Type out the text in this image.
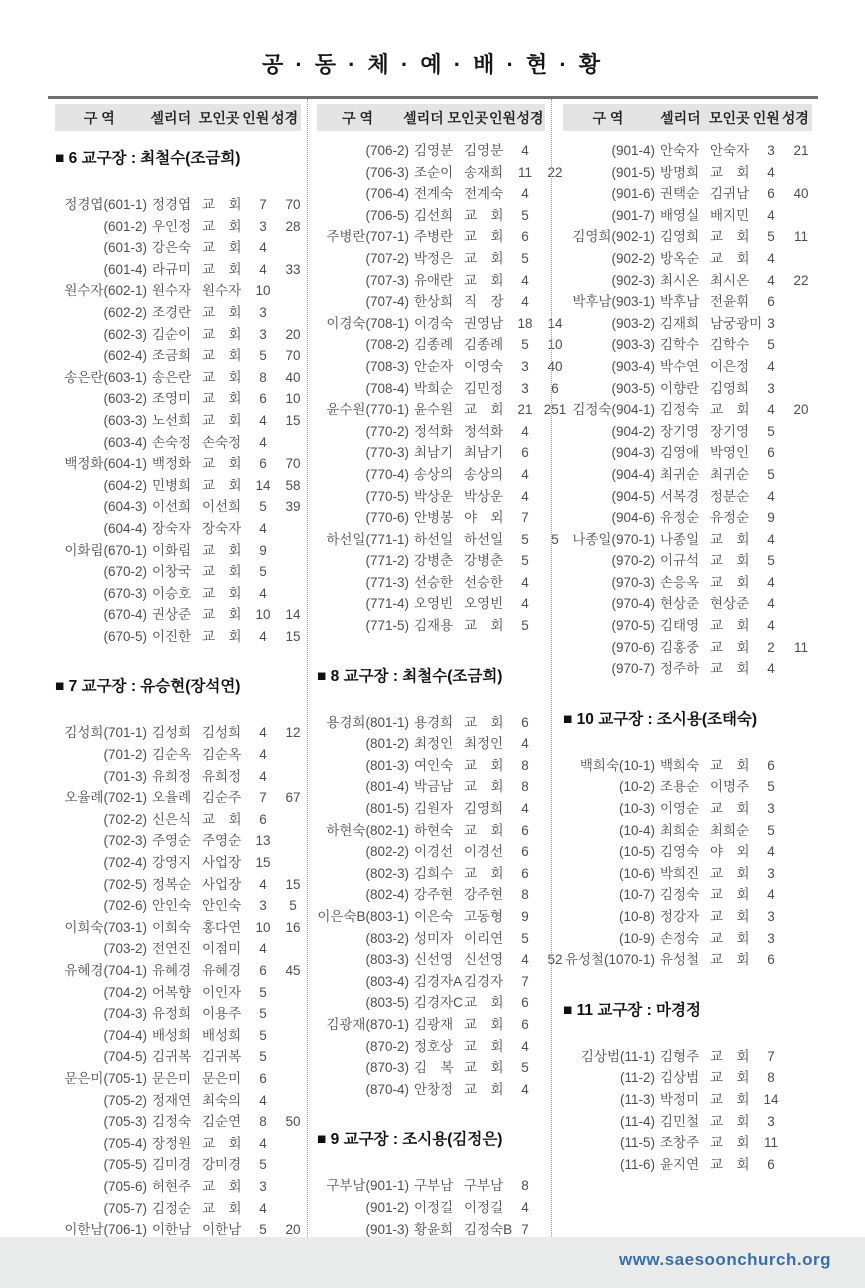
공 · 동 · 체 · 예 · 배 · 현 · 황
구 역	셀리더 모인곳 인원 성경
■ 6 교구장 : 최철수(조금희)
정경엽(601-1) 정경엽 교　회 7 70
(601-2) 우인정 교　회 3 28
(601-3) 강은숙 교　회 4
(601-4) 라규미 교　회 4 33
원수자(602-1) 원수자 원수자 10
(602-2) 조경란 교　회 3
(602-3) 김순이 교　회 3 20
(602-4) 조금희 교　회 5 70
송은란(603-1) 송은란 교　회 8 40
(603-2) 조영미 교　회 6 10
(603-3) 노선희 교　회 4 15
(603-4) 손숙정 손숙정 4
백정화(604-1) 백정화 교　회 6 70
(604-2) 민병희 교　회 14 58
(604-3) 이선희 이선희 5 39
(604-4) 장숙자 장숙자 4
이화림(670-1) 이화림 교　회 9
(670-2) 이창국 교　회 5
(670-3) 이승호 교　회 4
(670-4) 권상준 교　회 10 14
(670-5) 이진한 교　회 4 15
■ 7 교구장 : 유승현(장석연)
김성희(701-1) 김성희 김성희 4 12
(701-2) 김순옥 김순옥 4
(701-3) 유희정 유희정 4
오율례(702-1) 오율례 김순주 7 67
(702-2) 신은식 교　회 6
(702-3) 주영순 주영순 13
(702-4) 강영지 사업장 15
(702-5) 정복순 사업장 4 15
(702-6) 안인숙 안인숙 3 5
이희숙(703-1) 이희숙 홍다연 10 16
(703-2) 전연진 이점미 4
유혜경(704-1) 유혜경 유혜경 6 45
(704-2) 어복향 이인자 5
(704-3) 유정희 이용주 5
(704-4) 배성희 배성희 5
(704-5) 김귀복 김귀복 5
문은미(705-1) 문은미 문은미 6
(705-2) 정재연 최숙의 4
(705-3) 김정숙 김순연 8 50
(705-4) 장정원 교　회 4
(705-5) 김미경 강미경 5
(705-6) 허현주 교　회 3
(705-7) 김정순 교　회 4
이한남(706-1) 이한남 이한남 5 20
구 역	셀리더 모인곳 인원 성경
(706-2) 김영분 김영분 4
(706-3) 조순이 송재희 11 22
(706-4) 전계숙 전계숙 4
(706-5) 김선희 교　회 5
주병란(707-1) 주병란 교　회 6
(707-2) 박정은 교　회 5
(707-3) 유애란 교　회 4
(707-4) 한상희 직　장 4
이경숙(708-1) 이경숙 권영남 18 14
(708-2) 김종례 김종례 5 10
(708-3) 안순자 이영숙 3 40
(708-4) 박희순 김민정 3 6
윤수원(770-1) 윤수원 교　회 21 251
(770-2) 정석화 정석화 4
(770-3) 최남기 최남기 6
(770-4) 송상의 송상의 4
(770-5) 박상운 박상운 4
(770-6) 안병봉 야　외 7
하선일(771-1) 하선일 하선일 5 5
(771-2) 강병춘 강병춘 5
(771-3) 선승한 선승한 4
(771-4) 오영빈 오영빈 4
(771-5) 김재용 교　회 5
■ 8 교구장 : 최철수(조금희)
용경희(801-1) 용경희 교　회 6
(801-2) 최정인 최정인 4
(801-3) 여인숙 교　회 8
(801-4) 박금남 교　회 8
(801-5) 김원자 김영희 4
하현숙(802-1) 하현숙 교　회 6
(802-2) 이경선 이경선 6
(802-3) 김희수 교　회 6
(802-4) 강주현 강주현 8
이은숙B(803-1) 이은숙 고동형 9
(803-2) 성미자 이리연 5
(803-3) 신선영 신선영 4 52
(803-4) 김경자A 김경자 7
(803-5) 김경자C교　회 6
김광재(870-1) 김광재 교　회 6
(870-2) 정호상 교　회 4
(870-3) 김　복 교　회 5
(870-4) 안창정 교　회 4
■ 9 교구장 : 조시용(김정은)
구부남(901-1) 구부남 구부남 8
(901-2) 이정길 이정길 4
(901-3) 황윤희 김정숙B 7
구 역	셀리더 모인곳 인원 성경
(901-4) 안숙자 안숙자 3 21
(901-5) 방명희 교　회 4
(901-6) 권택순 김귀남 6 40
(901-7) 배영실 배지민 4
김영희(902-1) 김영희 교　회 5 11
(902-2) 방옥순 교　회 4
(902-3) 최시온 최시온 4 22
박후남(903-1) 박후남 전윤휘 6
(903-2) 김재희 남궁광미 3
(903-3) 김학수 김학수 5
(903-4) 박수연 이은정 4
(903-5) 이향란 김영희 3
김정숙(904-1) 김정숙 교　회 4 20
(904-2) 장기영 장기영 5
(904-3) 김영애 박영인 6
(904-4) 최귀순 최귀순 5
(904-5) 서복경 정분순 4
(904-6) 유정순 유정순 9
나종일(970-1) 나종일 교　회 4
(970-2) 이규석 교　회 5
(970-3) 손응옥 교　회 4
(970-4) 현상준 현상준 4
(970-5) 김태영 교　회 4
(970-6) 김홍중 교　회 2 11
(970-7) 정주하 교　회 4
■ 10 교구장 : 조시용(조태숙)
백희숙(10-1) 백희숙 교　회 6
(10-2) 조용순 이명주 5
(10-3) 이영순 교　회 3
(10-4) 최희순 최희순 5
(10-5) 김영숙 야　외 4
(10-6) 박희진 교　회 3
(10-7) 김정숙 교　회 4
(10-8) 정강자 교　회 3
(10-9) 손정숙 교　회 3
유성철(1070-1) 유성철 교　회 6
■ 11 교구장 : 마경정
김상범(11-1) 김형주 교　회 7
(11-2) 김상범 교　회 8
(11-3) 박정미 교　회 14
(11-4) 김민철 교　회 3
(11-5) 조창주 교　회 11
(11-6) 윤지연 교　회 6
www.saesoonchurch.org
